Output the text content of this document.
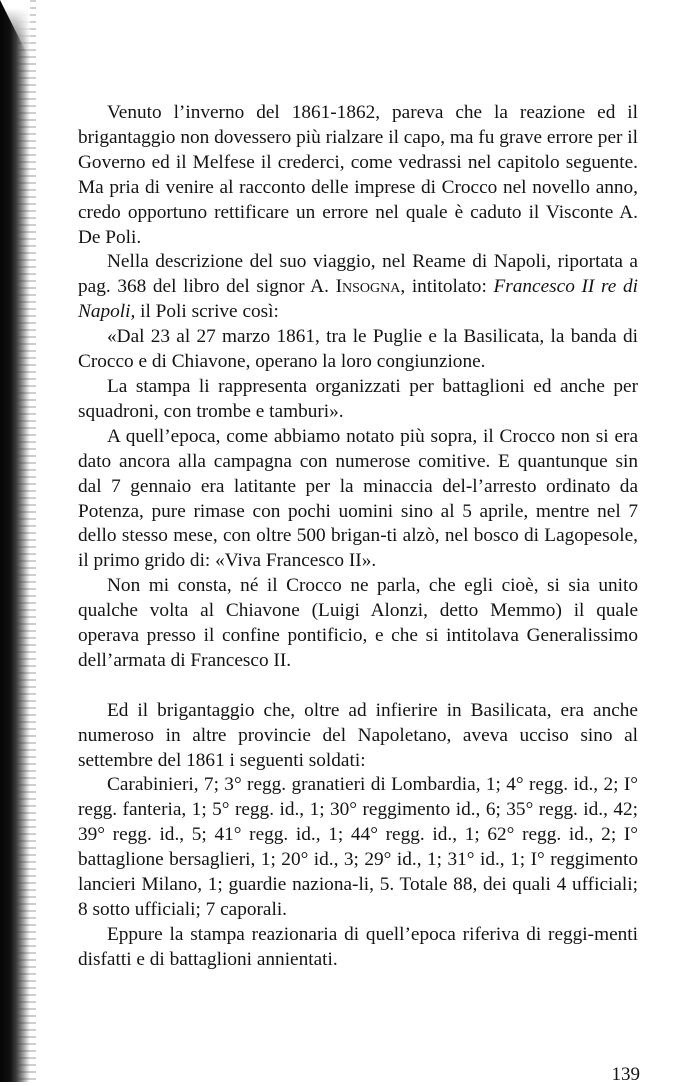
Venuto l’inverno del 1861-1862, pareva che la reazione ed il brigantaggio non dovessero più rialzare il capo, ma fu grave errore per il Governo ed il Melfese il crederci, come vedrassi nel capitolo seguente. Ma pria di venire al racconto delle imprese di Crocco nel novello anno, credo opportuno rettificare un errore nel quale è caduto il Visconte A. De Poli.

Nella descrizione del suo viaggio, nel Reame di Napoli, riportata a pag. 368 del libro del signor A. Insogna, intitolato: Francesco II re di Napoli, il Poli scrive così:

«Dal 23 al 27 marzo 1861, tra le Puglie e la Basilicata, la banda di Crocco e di Chiavone, operano la loro congiunzione.

La stampa li rappresenta organizzati per battaglioni ed anche per squadroni, con trombe e tamburi».

A quell’epoca, come abbiamo notato più sopra, il Crocco non si era dato ancora alla campagna con numerose comitive. E quantunque sin dal 7 gennaio era latitante per la minaccia del-l’arresto ordinato da Potenza, pure rimase con pochi uomini sino al 5 aprile, mentre nel 7 dello stesso mese, con oltre 500 brigan-ti alzò, nel bosco di Lagopesole, il primo grido di: «Viva Francesco II».

Non mi consta, né il Crocco ne parla, che egli cioè, si sia unito qualche volta al Chiavone (Luigi Alonzi, detto Memmo) il quale operava presso il confine pontificio, e che si intitolava Generalissimo dell’armata di Francesco II.

Ed il brigantaggio che, oltre ad infierire in Basilicata, era anche numeroso in altre provincie del Napoletano, aveva ucciso sino al settembre del 1861 i seguenti soldati:

Carabinieri, 7; 3° regg. granatieri di Lombardia, 1; 4° regg. id., 2; I° regg. fanteria, 1; 5° regg. id., 1; 30° reggimento id., 6; 35° regg. id., 42; 39° regg. id., 5; 41° regg. id., 1; 44° regg. id., 1; 62° regg. id., 2; I° battaglione bersaglieri, 1; 20° id., 3; 29° id., 1; 31° id., 1; I° reggimento lancieri Milano, 1; guardie naziona-li, 5. Totale 88, dei quali 4 ufficiali; 8 sotto ufficiali; 7 caporali.

Eppure la stampa reazionaria di quell’epoca riferiva di reggi-menti disfatti e di battaglioni annientati.

139
